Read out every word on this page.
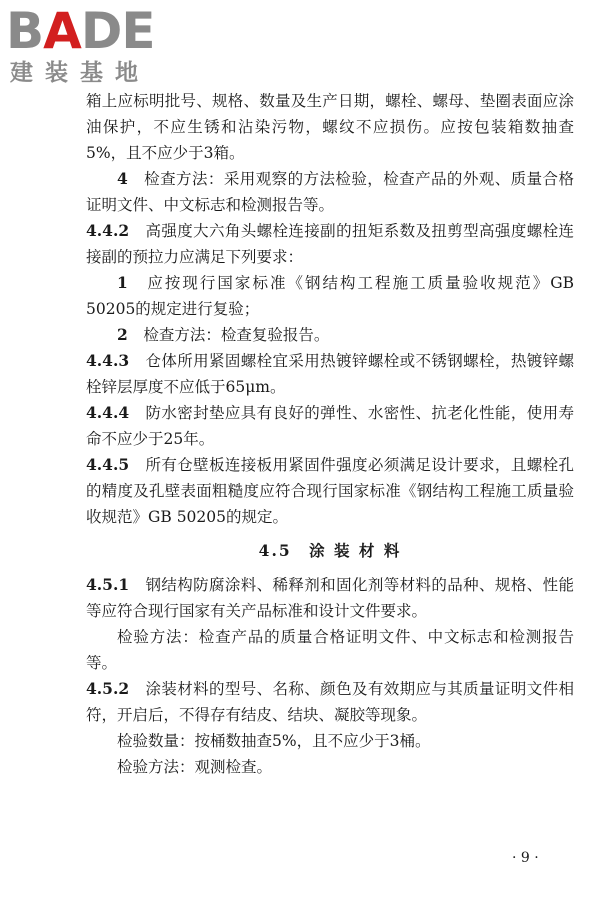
BADE
建装基地

箱上应标明批号、规格、数量及生产日期，螺栓、螺母、垫圈表面应涂油保护，不应生锈和沾染污物，螺纹不应损伤。应按包装箱数抽查5%，且不应少于3箱。

4　 检查方法：采用观察的方法检验，检查产品的外观、质量合格证明文件、中文标志和检测报告等。

4.4.2　 高强度大六角头螺栓连接副的扭矩系数及扭剪型高强度螺栓连接副的预拉力应满足下列要求：

1　 应按现行国家标准《钢结构工程施工质量验收规范》GB 50205的规定进行复验；

2　 检查方法：检查复验报告。

4.4.3　 仓体所用紧固螺栓宜采用热镀锌螺栓或不锈钢螺栓，热镀锌螺栓锌层厚度不应低于65μm。

4.4.4　 防水密封垫应具有良好的弹性、水密性、抗老化性能，使用寿命不应少于25年。

4.4.5　 所有仓壁板连接板用紧固件强度必须满足设计要求，且螺栓孔的精度及孔壁表面粗糙度应符合现行国家标准《钢结构工程施工质量验收规范》GB 50205的规定。

4.5　涂 装 材 料

4.5.1　 钢结构防腐涂料、稀释剂和固化剂等材料的品种、规格、性能等应符合现行国家有关产品标准和设计文件要求。

检验方法：检查产品的质量合格证明文件、中文标志和检测报告等。

4.5.2　 涂装材料的型号、名称、颜色及有效期应与其质量证明文件相符，开启后，不得存有结皮、结块、凝胶等现象。

检验数量：按桶数抽查5%，且不应少于3桶。

检验方法：观测检查。

· 9 ·
